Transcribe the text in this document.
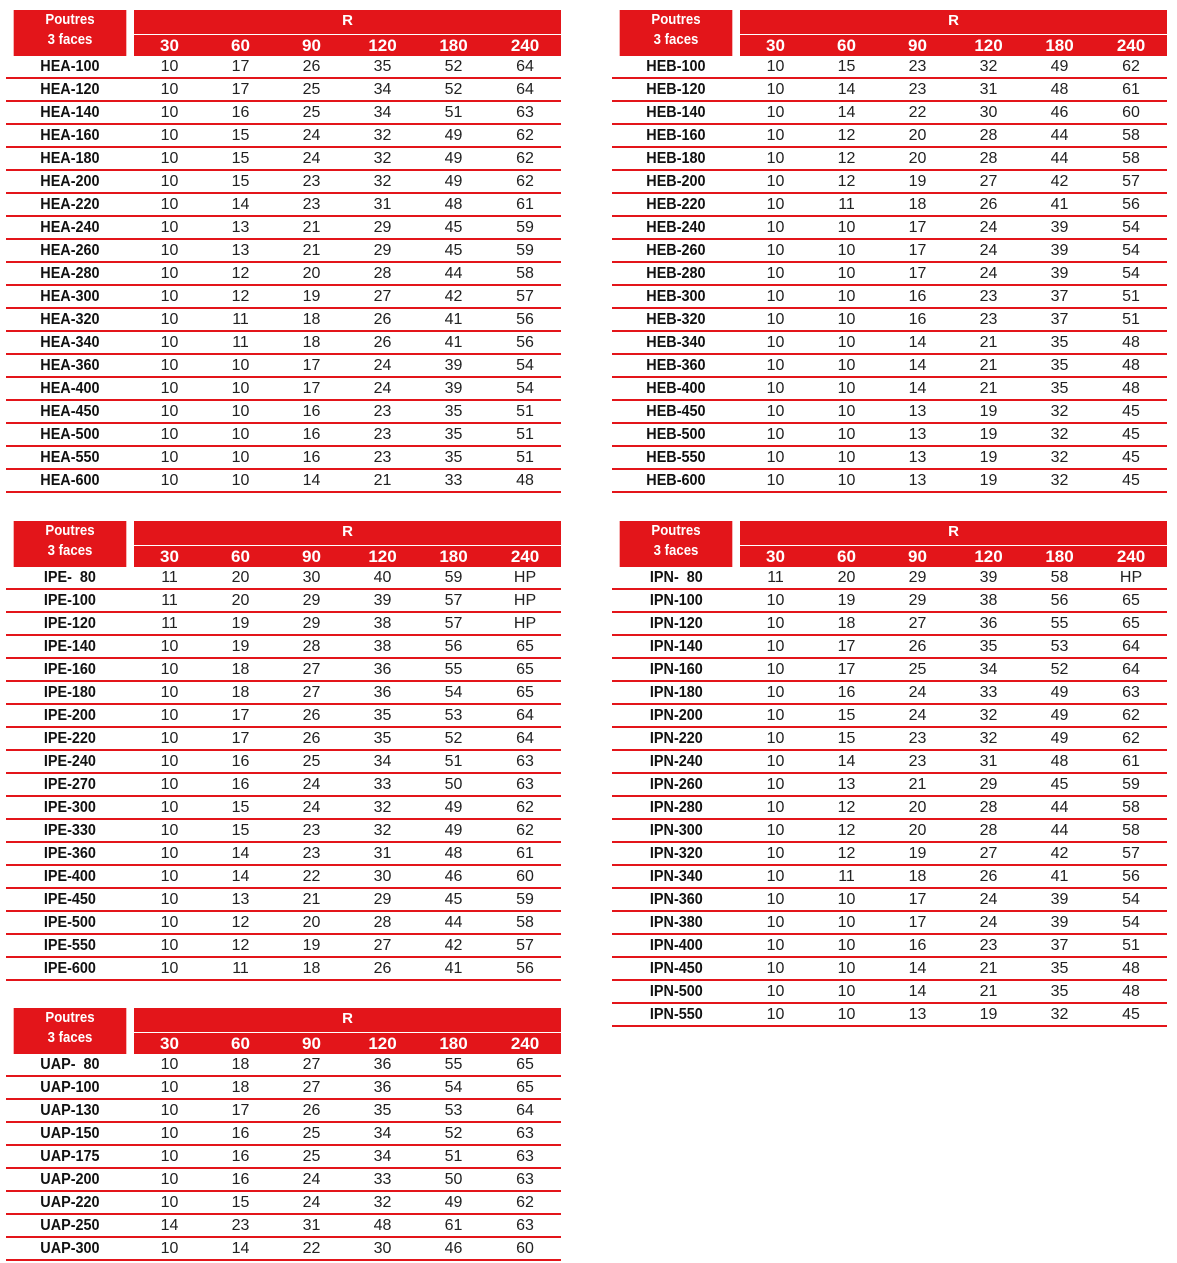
Poutres
3 faces	R					
	30	60	90	120	180	240
HEA-100	10	17	26	35	52	64
HEA-120	10	17	25	34	52	64
HEA-140	10	16	25	34	51	63
HEA-160	10	15	24	32	49	62
HEA-180	10	15	24	32	49	62
HEA-200	10	15	23	32	49	62
HEA-220	10	14	23	31	48	61
HEA-240	10	13	21	29	45	59
HEA-260	10	13	21	29	45	59
HEA-280	10	12	20	28	44	58
HEA-300	10	12	19	27	42	57
HEA-320	10	11	18	26	41	56
HEA-340	10	11	18	26	41	56
HEA-360	10	10	17	24	39	54
HEA-400	10	10	17	24	39	54
HEA-450	10	10	16	23	35	51
HEA-500	10	10	16	23	35	51
HEA-550	10	10	16	23	35	51
HEA-600	10	10	14	21	33	48
Poutres
3 faces	R					
	30	60	90	120	180	240
HEB-100	10	15	23	32	49	62
HEB-120	10	14	23	31	48	61
HEB-140	10	14	22	30	46	60
HEB-160	10	12	20	28	44	58
HEB-180	10	12	20	28	44	58
HEB-200	10	12	19	27	42	57
HEB-220	10	11	18	26	41	56
HEB-240	10	10	17	24	39	54
HEB-260	10	10	17	24	39	54
HEB-280	10	10	17	24	39	54
HEB-300	10	10	16	23	37	51
HEB-320	10	10	16	23	37	51
HEB-340	10	10	14	21	35	48
HEB-360	10	10	14	21	35	48
HEB-400	10	10	14	21	35	48
HEB-450	10	10	13	19	32	45
HEB-500	10	10	13	19	32	45
HEB-550	10	10	13	19	32	45
HEB-600	10	10	13	19	32	45
Poutres
3 faces	R					
	30	60	90	120	180	240
IPE-  80	11	20	30	40	59	HP
IPE-100	11	20	29	39	57	HP
IPE-120	11	19	29	38	57	HP
IPE-140	10	19	28	38	56	65
IPE-160	10	18	27	36	55	65
IPE-180	10	18	27	36	54	65
IPE-200	10	17	26	35	53	64
IPE-220	10	17	26	35	52	64
IPE-240	10	16	25	34	51	63
IPE-270	10	16	24	33	50	63
IPE-300	10	15	24	32	49	62
IPE-330	10	15	23	32	49	62
IPE-360	10	14	23	31	48	61
IPE-400	10	14	22	30	46	60
IPE-450	10	13	21	29	45	59
IPE-500	10	12	20	28	44	58
IPE-550	10	12	19	27	42	57
IPE-600	10	11	18	26	41	56
Poutres
3 faces	R					
	30	60	90	120	180	240
IPN-  80	11	20	29	39	58	HP
IPN-100	10	19	29	38	56	65
IPN-120	10	18	27	36	55	65
IPN-140	10	17	26	35	53	64
IPN-160	10	17	25	34	52	64
IPN-180	10	16	24	33	49	63
IPN-200	10	15	24	32	49	62
IPN-220	10	15	23	32	49	62
IPN-240	10	14	23	31	48	61
IPN-260	10	13	21	29	45	59
IPN-280	10	12	20	28	44	58
IPN-300	10	12	20	28	44	58
IPN-320	10	12	19	27	42	57
IPN-340	10	11	18	26	41	56
IPN-360	10	10	17	24	39	54
IPN-380	10	10	17	24	39	54
IPN-400	10	10	16	23	37	51
IPN-450	10	10	14	21	35	48
IPN-500	10	10	14	21	35	48
IPN-550	10	10	13	19	32	45
Poutres
3 faces	R					
	30	60	90	120	180	240
UAP-  80	10	18	27	36	55	65
UAP-100	10	18	27	36	54	65
UAP-130	10	17	26	35	53	64
UAP-150	10	16	25	34	52	63
UAP-175	10	16	25	34	51	63
UAP-200	10	16	24	33	50	63
UAP-220	10	15	24	32	49	62
UAP-250	14	23	31	48	61	63
UAP-300	10	14	22	30	46	60
